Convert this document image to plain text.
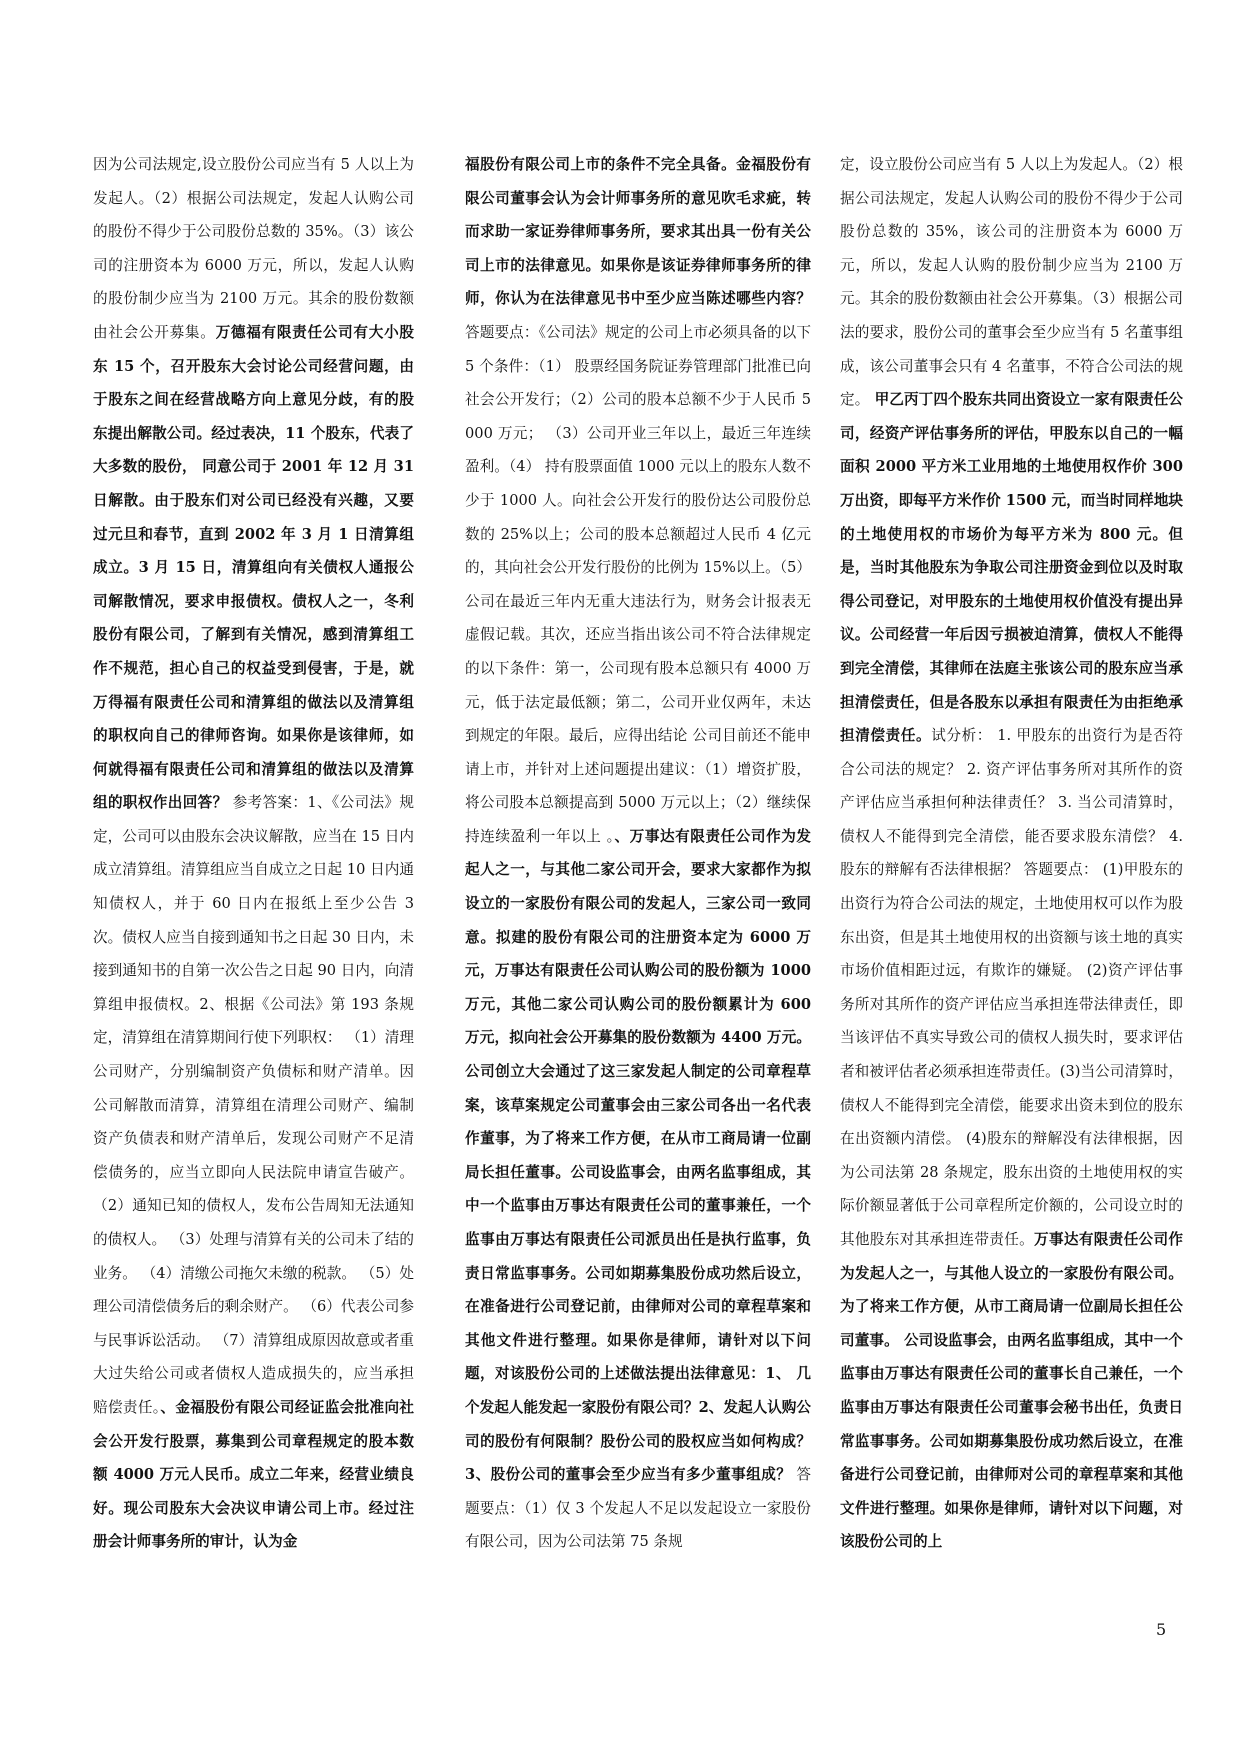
因为公司法规定,设立股份公司应当有 5 人以上为发起人。（2）根据公司法规定，发起人认购公司的股份不得少于公司股份总数的 35%。（3）该公司的注册资本为 6000 万元，所以，发起人认购的股份制少应当为 2100 万元。其余的股份数额由社会公开募集。万德福有限责任公司有大小股东 15 个，召开股东大会讨论公司经营问题，由于股东之间在经营战略方向上意见分歧，有的股东提出解散公司。经过表决，11 个股东，代表了大多数的股份， 同意公司于 2001 年 12 月 31 日解散。由于股东们对公司已经没有兴趣，又要过元旦和春节，直到 2002 年 3 月 1 日清算组成立。3 月 15 日，清算组向有关债权人通报公司解散情况，要求申报债权。债权人之一，冬利股份有限公司，了解到有关情况，感到清算组工作不规范，担心自己的权益受到侵害，于是，就万得福有限责任公司和清算组的做法以及清算组的职权向自己的律师咨询。如果你是该律师，如何就得福有限责任公司和清算组的做法以及清算组的职权作出回答？ 参考答案：1、《公司法》规定，公司可以由股东会决议解散，应当在 15 日内成立清算组。清算组应当自成立之日起 10 日内通知债权人，并于 60 日内在报纸上至少公告 3 次。债权人应当自接到通知书之日起 30 日内，未接到通知书的自第一次公告之日起 90 日内，向清算组申报债权。2、根据《公司法》第 193 条规定，清算组在清算期间行使下列职权： （1）清理公司财产，分别编制资产负债标和财产清单。因公司解散而清算，清算组在清理公司财产、编制资产负债表和财产清单后，发现公司财产不足清偿债务的，应当立即向人民法院申请宣告破产。 （2）通知已知的债权人，发布公告周知无法通知的债权人。 （3）处理与清算有关的公司未了结的业务。 （4）清缴公司拖欠未缴的税款。 （5）处理公司清偿债务后的剩余财产。 （6）代表公司参与民事诉讼活动。 （7）清算组成原因故意或者重大过失给公司或者债权人造成损失的，应当承担赔偿责任。、金福股份有限公司经证监会批准向社会公开发行股票，募集到公司章程规定的股本数额 4000 万元人民币。成立二年来，经营业绩良好。现公司股东大会决议申请公司上市。经过注册会计师事务所的审计，认为金
福股份有限公司上市的条件不完全具备。金福股份有限公司董事会认为会计师事务所的意见吹毛求疵，转而求助一家证券律师事务所，要求其出具一份有关公司上市的法律意见。如果你是该证券律师事务所的律师，你认为在法律意见书中至少应当陈述哪些内容？ 答题要点：《公司法》规定的公司上市必须具备的以下 5 个条件：（1） 股票经国务院证券管理部门批准已向社会公开发行；（2）公司的股本总额不少于人民币 5000 万元； （3）公司开业三年以上，最近三年连续盈利。（4） 持有股票面值 1000 元以上的股东人数不少于 1000 人。向社会公开发行的股份达公司股份总数的 25%以上；公司的股本总额超过人民币 4 亿元的，其向社会公开发行股份的比例为 15%以上。（5） 公司在最近三年内无重大违法行为，财务会计报表无虚假记载。其次，还应当指出该公司不符合法律规定的以下条件：第一，公司现有股本总额只有 4000 万元，低于法定最低额；第二，公司开业仅两年，未达到规定的年限。最后，应得出结论 公司目前还不能申请上市，并针对上述问题提出建议：（1）增资扩股，将公司股本总额提高到 5000 万元以上；（2）继续保持连续盈利一年以上 。、万事达有限责任公司作为发起人之一，与其他二家公司开会，要求大家都作为拟设立的一家股份有限公司的发起人，三家公司一致同意。拟建的股份有限公司的注册资本定为 6000 万元，万事达有限责任公司认购公司的股份额为 1000 万元，其他二家公司认购公司的股份额累计为 600 万元，拟向社会公开募集的股份数额为 4400 万元。公司创立大会通过了这三家发起人制定的公司章程草案，该草案规定公司董事会由三家公司各出一名代表作董事，为了将来工作方便，在从市工商局请一位副局长担任董事。公司设监事会，由两名监事组成，其中一个监事由万事达有限责任公司的董事兼任，一个监事由万事达有限责任公司派员出任是执行监事，负责日常监事事务。公司如期募集股份成功然后设立，在准备进行公司登记前，由律师对公司的章程草案和其他文件进行整理。如果你是律师，请针对以下问题，对该股份公司的上述做法提出法律意见：1、 几个发起人能发起一家股份有限公司？2、发起人认购公司的股份有何限制？股份公司的股权应当如何构成？3、股份公司的董事会至少应当有多少董事组成？ 答题要点：（1）仅 3 个发起人不足以发起设立一家股份有限公司，因为公司法第 75 条规
定，设立股份公司应当有 5 人以上为发起人。（2）根据公司法规定，发起人认购公司的股份不得少于公司股份总数的 35%，该公司的注册资本为 6000 万元，所以，发起人认购的股份制少应当为 2100 万元。其余的股份数额由社会公开募集。（3）根据公司法的要求，股份公司的董事会至少应当有 5 名董事组成，该公司董事会只有 4 名董事，不符合公司法的规定。 甲乙丙丁四个股东共同出资设立一家有限责任公司，经资产评估事务所的评估，甲股东以自己的一幅面积 2000 平方米工业用地的土地使用权作价 300 万出资，即每平方米作价 1500 元，而当时同样地块的土地使用权的市场价为每平方米为 800 元。但是，当时其他股东为争取公司注册资金到位以及时取得公司登记，对甲股东的土地使用权价值没有提出异议。公司经营一年后因亏损被迫清算，债权人不能得到完全清偿，其律师在法庭主张该公司的股东应当承担清偿责任，但是各股东以承担有限责任为由拒绝承担清偿责任。试分析： 1. 甲股东的出资行为是否符合公司法的规定？ 2. 资产评估事务所对其所作的资产评估应当承担何种法律责任？ 3. 当公司清算时，债权人不能得到完全清偿，能否要求股东清偿？ 4. 股东的辩解有否法律根据？ 答题要点： (1)甲股东的出资行为符合公司法的规定，土地使用权可以作为股东出资，但是其土地使用权的出资额与该土地的真实市场价值相距过远，有欺诈的嫌疑。 (2)资产评估事务所对其所作的资产评估应当承担连带法律责任，即当该评估不真实导致公司的债权人损失时，要求评估者和被评估者必须承担连带责任。(3)当公司清算时，债权人不能得到完全清偿，能要求出资未到位的股东在出资额内清偿。 (4)股东的辩解没有法律根据，因为公司法第 28 条规定，股东出资的土地使用权的实际价额显著低于公司章程所定价额的，公司设立时的其他股东对其承担连带责任。万事达有限责任公司作为发起人之一，与其他人设立的一家股份有限公司。为了将来工作方便，从市工商局请一位副局长担任公司董事。 公司设监事会，由两名监事组成，其中一个监事由万事达有限责任公司的董事长自己兼任，一个监事由万事达有限责任公司董事会秘书出任，负责日常监事事务。公司如期募集股份成功然后设立，在准备进行公司登记前，由律师对公司的章程草案和其他文件进行整理。如果你是律师，请针对以下问题，对该股份公司的上
5
